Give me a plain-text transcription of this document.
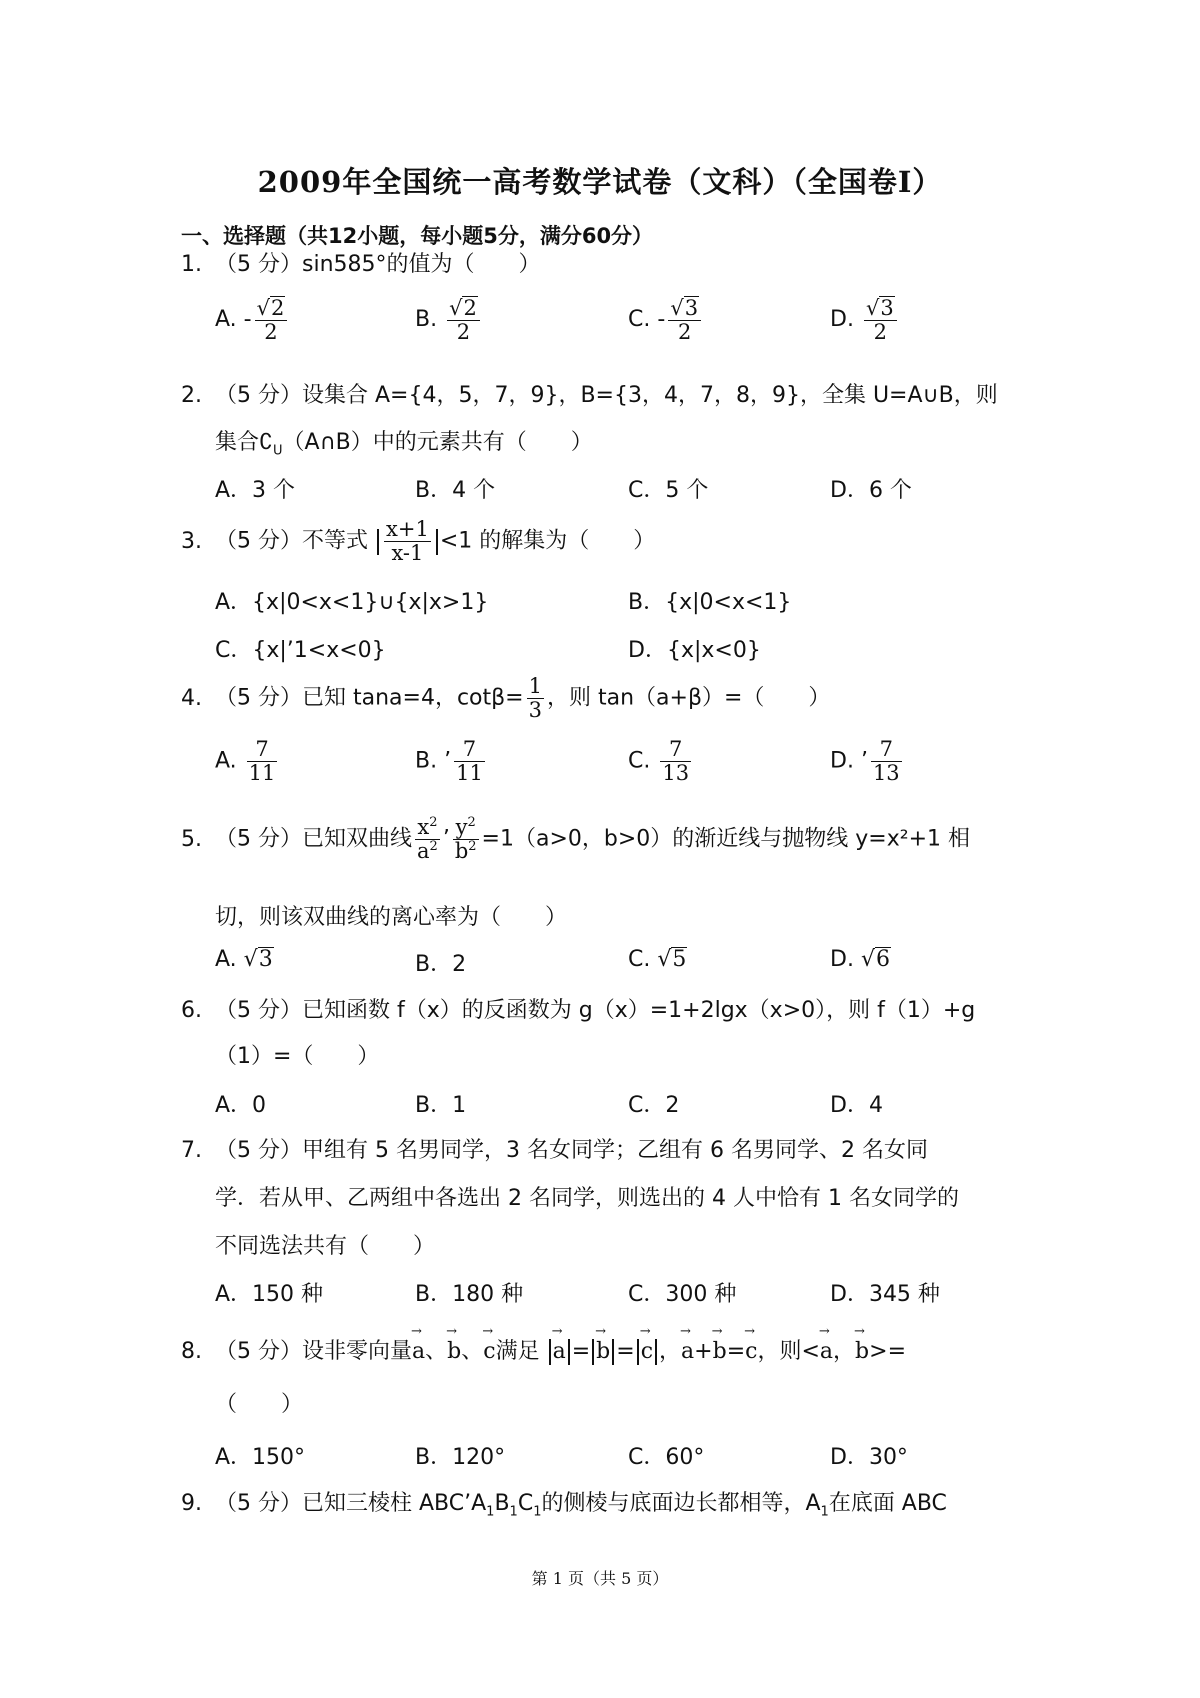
2009年全国统一高考数学试卷（文科）（全国卷Ⅰ）
一、选择题（共12小题，每小题5分，满分60分）
1. （5 分）sin585°的值为（　　）
A. - $\frac{√2}{2}$	B. $\frac{√2}{2}$	C. - $\frac{√3}{2}$	D. $\frac{√3}{2}$
2. （5 分）设集合 A={4，5，7，9}，B={3，4，7，8，9}，全集 U=A∪B，则
集合$∁_U(A\cap B)$中的元素共有（　　）
A．3 个	B．4 个	C．5 个	D．6 个
3. （5 分）不等式 $\frac{x+1}{x-1} <1$ 的解集为（　　）
A．{x|0<x<1}∪{x|x>1}	B．{x|0<x<1}
C．{x|’1<x<0}	D．{x|x<0}
4. （5 分）已知 tana=4，$\cot\beta= \frac{1}{3}$ ，则 tan（a+β）=（　　）
A. $\frac{7}{11}$	B. ’ $\frac{7}{11}$	C. $\frac{7}{13}$	D. ’ $\frac{7}{13}$
5. （5 分）已知双曲线 $\frac{x^2}{a^2}$ ’ $\frac{y^2}{b^2} =1(a>0$，b>0）的渐近线与抛物线 y=x²+1 相
切，则该双曲线的离心率为（　　）
A. √3	B．2	C. √5	D. √6
6. （5 分）已知函数 f（x）的反函数为 g（x）=1+2lgx（x>0），则 f（1）+g
（1）=（　　）
A．0	B．1	C．2	D．4
7. （5 分）甲组有 5 名男同学，3 名女同学；乙组有 6 名男同学、2 名女同
学．若从甲、乙两组中各选出 2 名同学，则选出的 4 人中恰有 1 名女同学的
不同选法共有（　　）
A．150 种	B．180 种	C．300 种	D．345 种
8. （5 分）设非零向量→ a、→ b、→ c满足 → a = → b = → c ，→ a+→ b=→ c，则<→ a，→ b>=
（　　）
A．150°	B．120°	C．60°	D．30°
9. （5 分）已知三棱柱 $ABC’A_1B_1C_1$的侧棱与底面边长都相等，$A_1$在底面 ABC
第 1 页（共 5 页）
